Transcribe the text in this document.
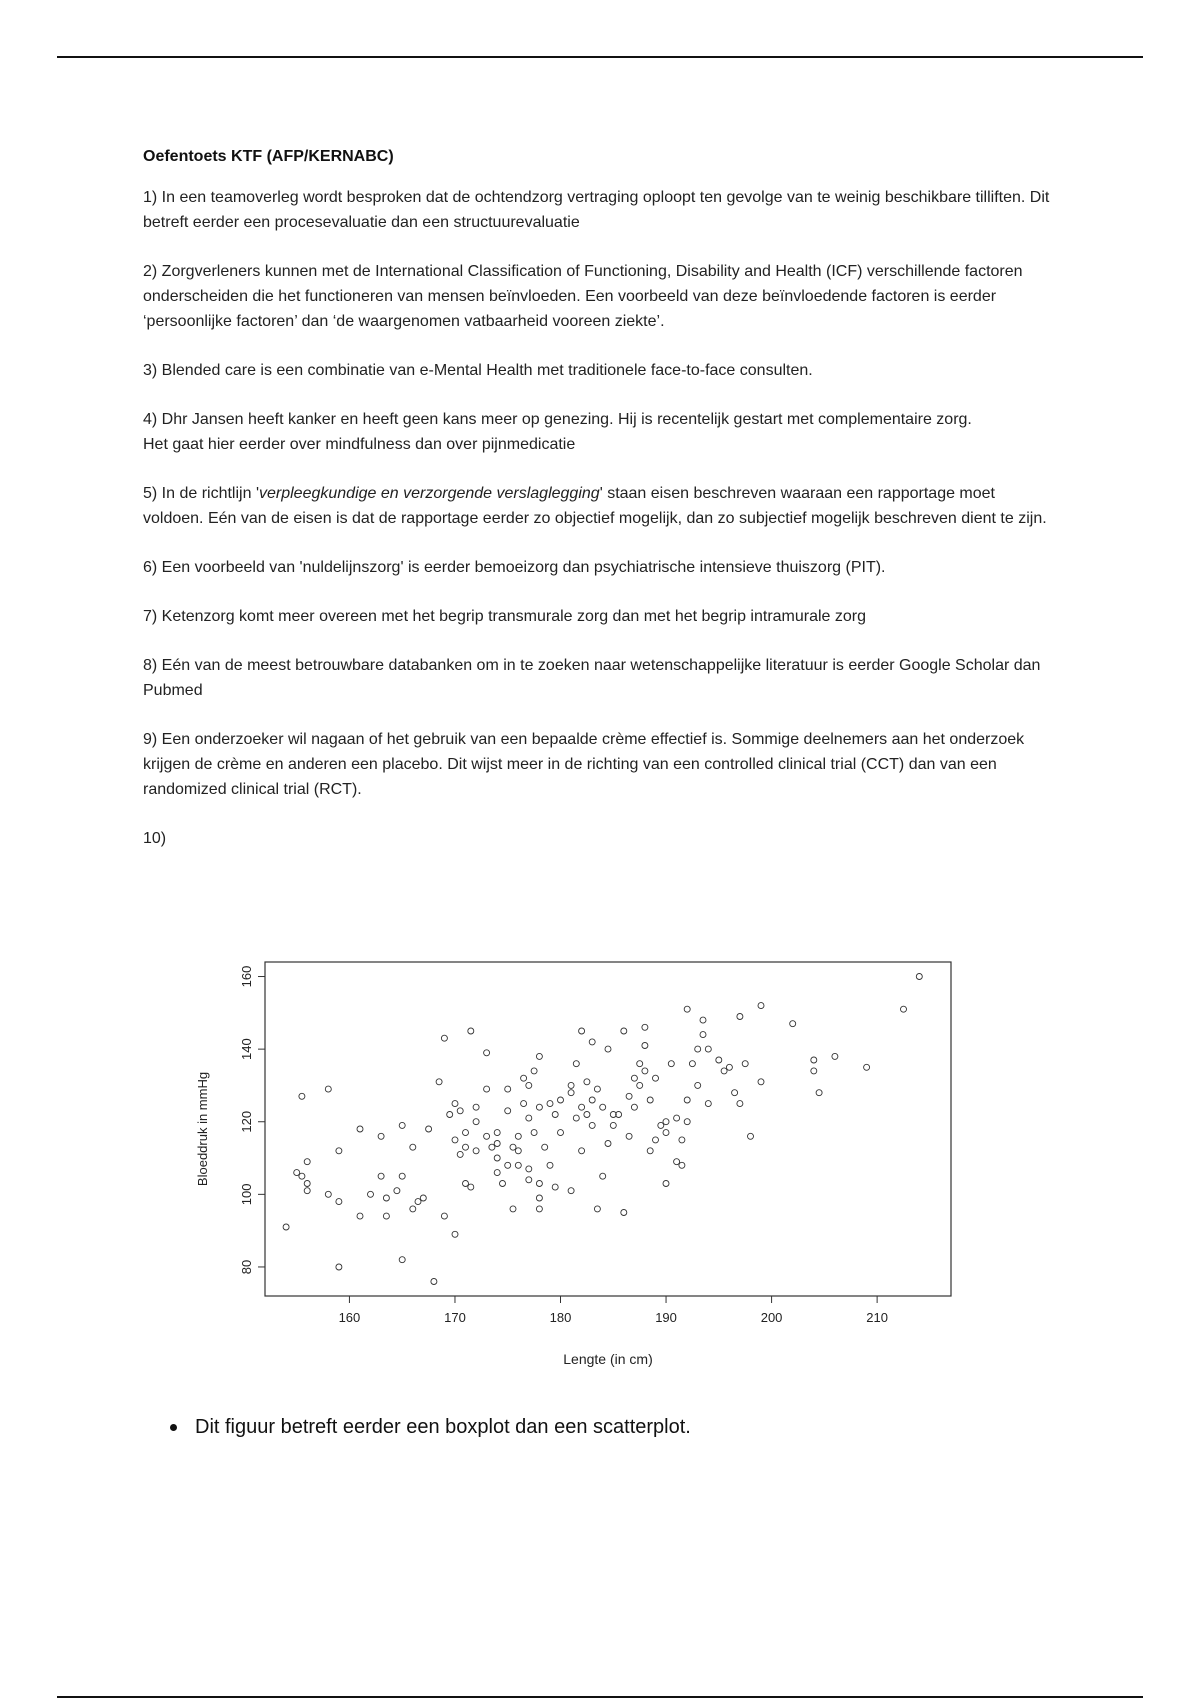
Oefentoets KTF (AFP/KERNABC)

1) In een teamoverleg wordt besproken dat de ochtendzorg vertraging oploopt ten gevolge van te weinig beschikbare tilliften. Dit betreft eerder een procesevaluatie dan een structuurevaluatie

2) Zorgverleners kunnen met de International Classification of Functioning, Disability and Health (ICF) verschillende factoren onderscheiden die het functioneren van mensen beïnvloeden. Een voorbeeld van deze beïnvloedende factoren is eerder ‘persoonlijke factoren’ dan ‘de waargenomen vatbaarheid vooreen ziekte’.

3) Blended care is een combinatie van e-Mental Health met traditionele face-to-face consulten.

4) Dhr Jansen heeft kanker en heeft geen kans meer op genezing. Hij is recentelijk gestart met complementaire zorg.

Het gaat hier eerder over mindfulness dan over pijnmedicatie

5) In de richtlijn 'verpleegkundige en verzorgende verslaglegging' staan eisen beschreven waaraan een rapportage moet

voldoen. Eén van de eisen is dat de rapportage eerder zo objectief mogelijk, dan zo subjectief mogelijk beschreven dient te zijn.

6) Een voorbeeld van 'nuldelijnszorg' is eerder bemoeizorg dan psychiatrische intensieve thuiszorg (PIT).

7) Ketenzorg komt meer overeen met het begrip transmurale zorg dan met het begrip intramurale zorg

8) Eén van de meest betrouwbare databanken om in te zoeken naar wetenschappelijke literatuur is eerder Google Scholar dan Pubmed

9) Een onderzoeker wil nagaan of het gebruik van een bepaalde crème effectief is. Sommige deelnemers aan het onderzoek krijgen de crème en anderen een placebo. Dit wijst meer in de richting van een controlled clinical trial (CCT) dan van een randomized clinical trial (RCT).

10)

160	170	180	190	200	210
80
100
120
140
160
Lengte (in cm)
Bloeddruk in mmHg
Dit figuur betreft eerder een boxplot dan een scatterplot.
